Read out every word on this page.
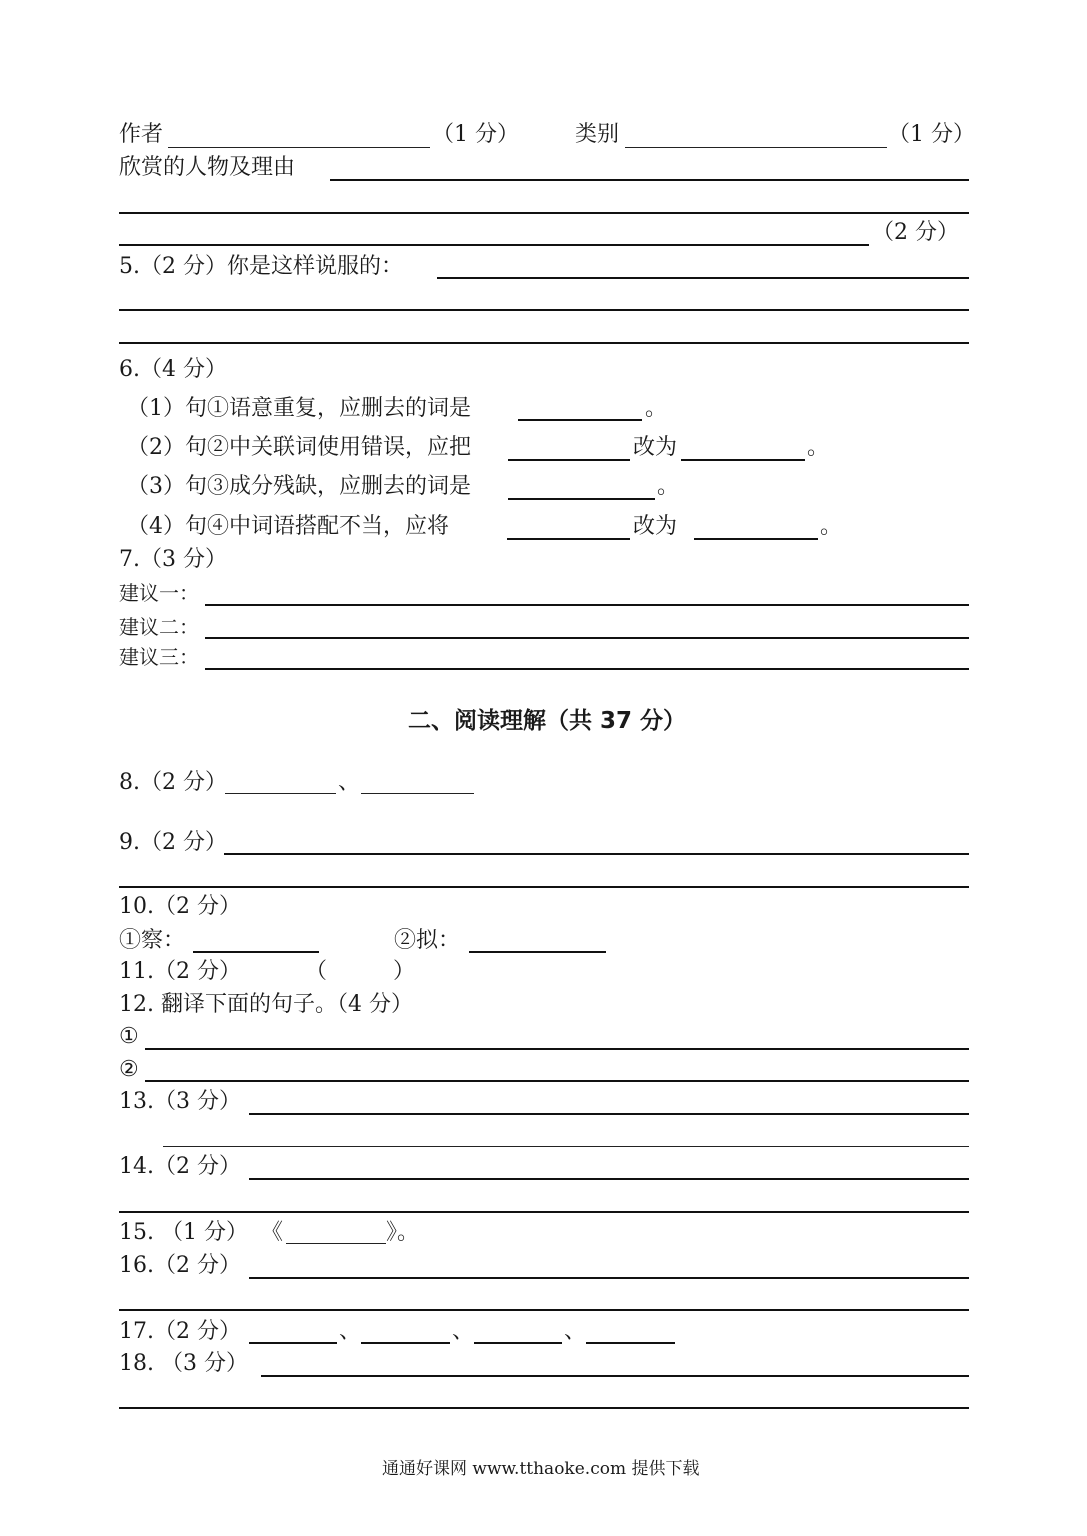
作者	（1 分）	类别	（1 分）
欣赏的人物及理由
（2 分）
5.（2 分）你是这样说服的：
6.（4 分）
（1）句①语意重复，应删去的词是	。
（2）句②中关联词使用错误，应把	改为	。
（3）句③成分残缺，应删去的词是	。
（4）句④中词语搭配不当，应将	改为	。
7.（3 分）
建议一：
建议二：
建议三：
二、阅读理解（共 37 分）
8.（2 分）	、
9.（2 分）
10.（2 分）
①察：	②拟：
11.（2 分）	（　　　）
12. 翻译下面的句子。（4 分）
①
②
13.（3 分）
14.（2 分）
15. （1 分） 《	》。
16.（2 分）
17.（2 分）	、	、	、
18. （3 分）
通通好课网 www.tthaoke.com 提供下载
